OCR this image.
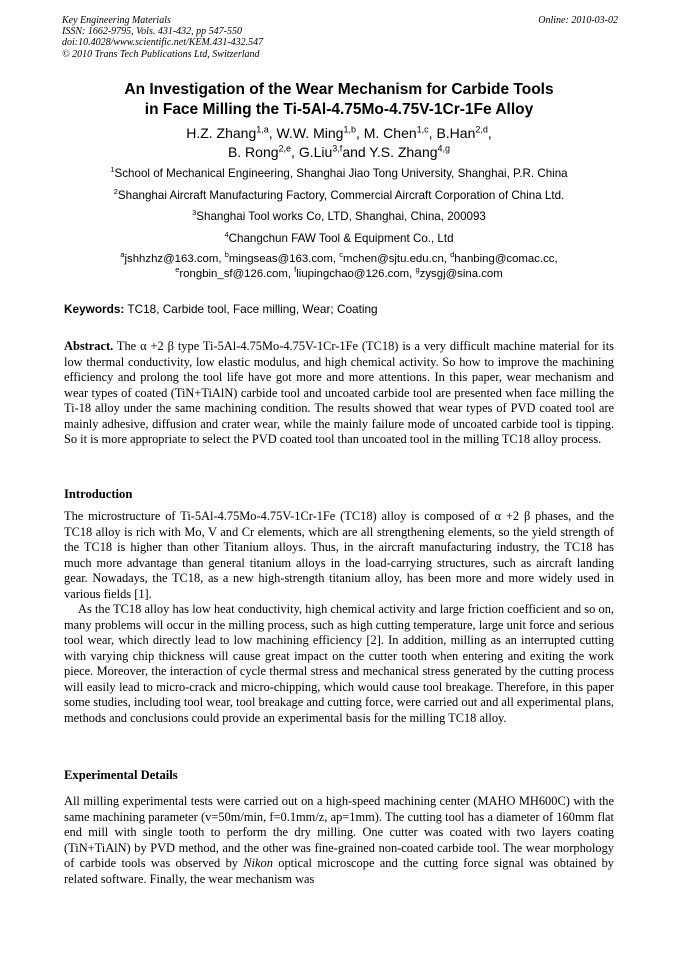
Key Engineering Materials
ISSN: 1662-9795, Vols. 431-432, pp 547-550
doi:10.4028/www.scientific.net/KEM.431-432.547
© 2010 Trans Tech Publications Ltd, Switzerland
Online: 2010-03-02
An Investigation of the Wear Mechanism for Carbide Tools
in Face Milling the Ti-5Al-4.75Mo-4.75V-1Cr-1Fe Alloy
H.Z. Zhang$^{1,a}$, W.W. Ming$^{1,b}$, M. Chen$^{1,c}$, B.Han$^{2,d}$,
B. Rong$^{2,e}$, G.Liu$^{3,f}$and Y.S. Zhang$^{4,g}$
$^1$School of Mechanical Engineering, Shanghai Jiao Tong University, Shanghai, P.R. China
$^2$Shanghai Aircraft Manufacturing Factory, Commercial Aircraft Corporation of China Ltd.
$^3$Shanghai Tool works Co, LTD, Shanghai, China, 200093
$^4$Changchun FAW Tool & Equipment Co., Ltd
$^a$jshhzhz@163.com, $^b$mingseas@163.com, $^c$mchen@sjtu.edu.cn, $^d$hanbing@comac.cc,
$^e$rongbin_sf@126.com, $^f$liupingchao@126.com, $^g$zysgj@sina.com
Keywords: TC18, Carbide tool, Face milling, Wear; Coating
Abstract. The α +2 β type Ti-5Al-4.75Mo-4.75V-1Cr-1Fe (TC18) is a very difficult machine material for its low thermal conductivity, low elastic modulus, and high chemical activity. So how to improve the machining efficiency and prolong the tool life have got more and more attentions. In this paper, wear mechanism and wear types of coated (TiN+TiAlN) carbide tool and uncoated carbide tool are presented when face milling the Ti-18 alloy under the same machining condition. The results showed that wear types of PVD coated tool are mainly adhesive, diffusion and crater wear, while the mainly failure mode of uncoated carbide tool is tipping. So it is more appropriate to select the PVD coated tool than uncoated tool in the milling TC18 alloy process.
Introduction
The microstructure of Ti-5Al-4.75Mo-4.75V-1Cr-1Fe (TC18) alloy is composed of α +2 β phases, and the TC18 alloy is rich with Mo, V and Cr elements, which are all strengthening elements, so the yield strength of the TC18 is higher than other Titanium alloys. Thus, in the aircraft manufacturing industry, the TC18 has much more advantage than general titanium alloys in the load-carrying structures, such as aircraft landing gear. Nowadays, the TC18, as a new high-strength titanium alloy, has been more and more widely used in various fields [1].
As the TC18 alloy has low heat conductivity, high chemical activity and large friction coefficient and so on, many problems will occur in the milling process, such as high cutting temperature, large unit force and serious tool wear, which directly lead to low machining efficiency [2]. In addition, milling as an interrupted cutting with varying chip thickness will cause great impact on the cutter tooth when entering and exiting the work piece. Moreover, the interaction of cycle thermal stress and mechanical stress generated by the cutting process will easily lead to micro-crack and micro-chipping, which would cause tool breakage. Therefore, in this paper some studies, including tool wear, tool breakage and cutting force, were carried out and all experimental plans, methods and conclusions could provide an experimental basis for the milling TC18 alloy.
Experimental Details
All milling experimental tests were carried out on a high-speed machining center (MAHO MH600C) with the same machining parameter (v=50m/min, f=0.1mm/z, ap=1mm). The cutting tool has a diameter of 160mm flat end mill with single tooth to perform the dry milling. One cutter was coated with two layers coating (TiN+TiAlN) by PVD method, and the other was fine-grained non-coated carbide tool. The wear morphology of carbide tools was observed by Nikon optical microscope and the cutting force signal was obtained by related software. Finally, the wear mechanism was
